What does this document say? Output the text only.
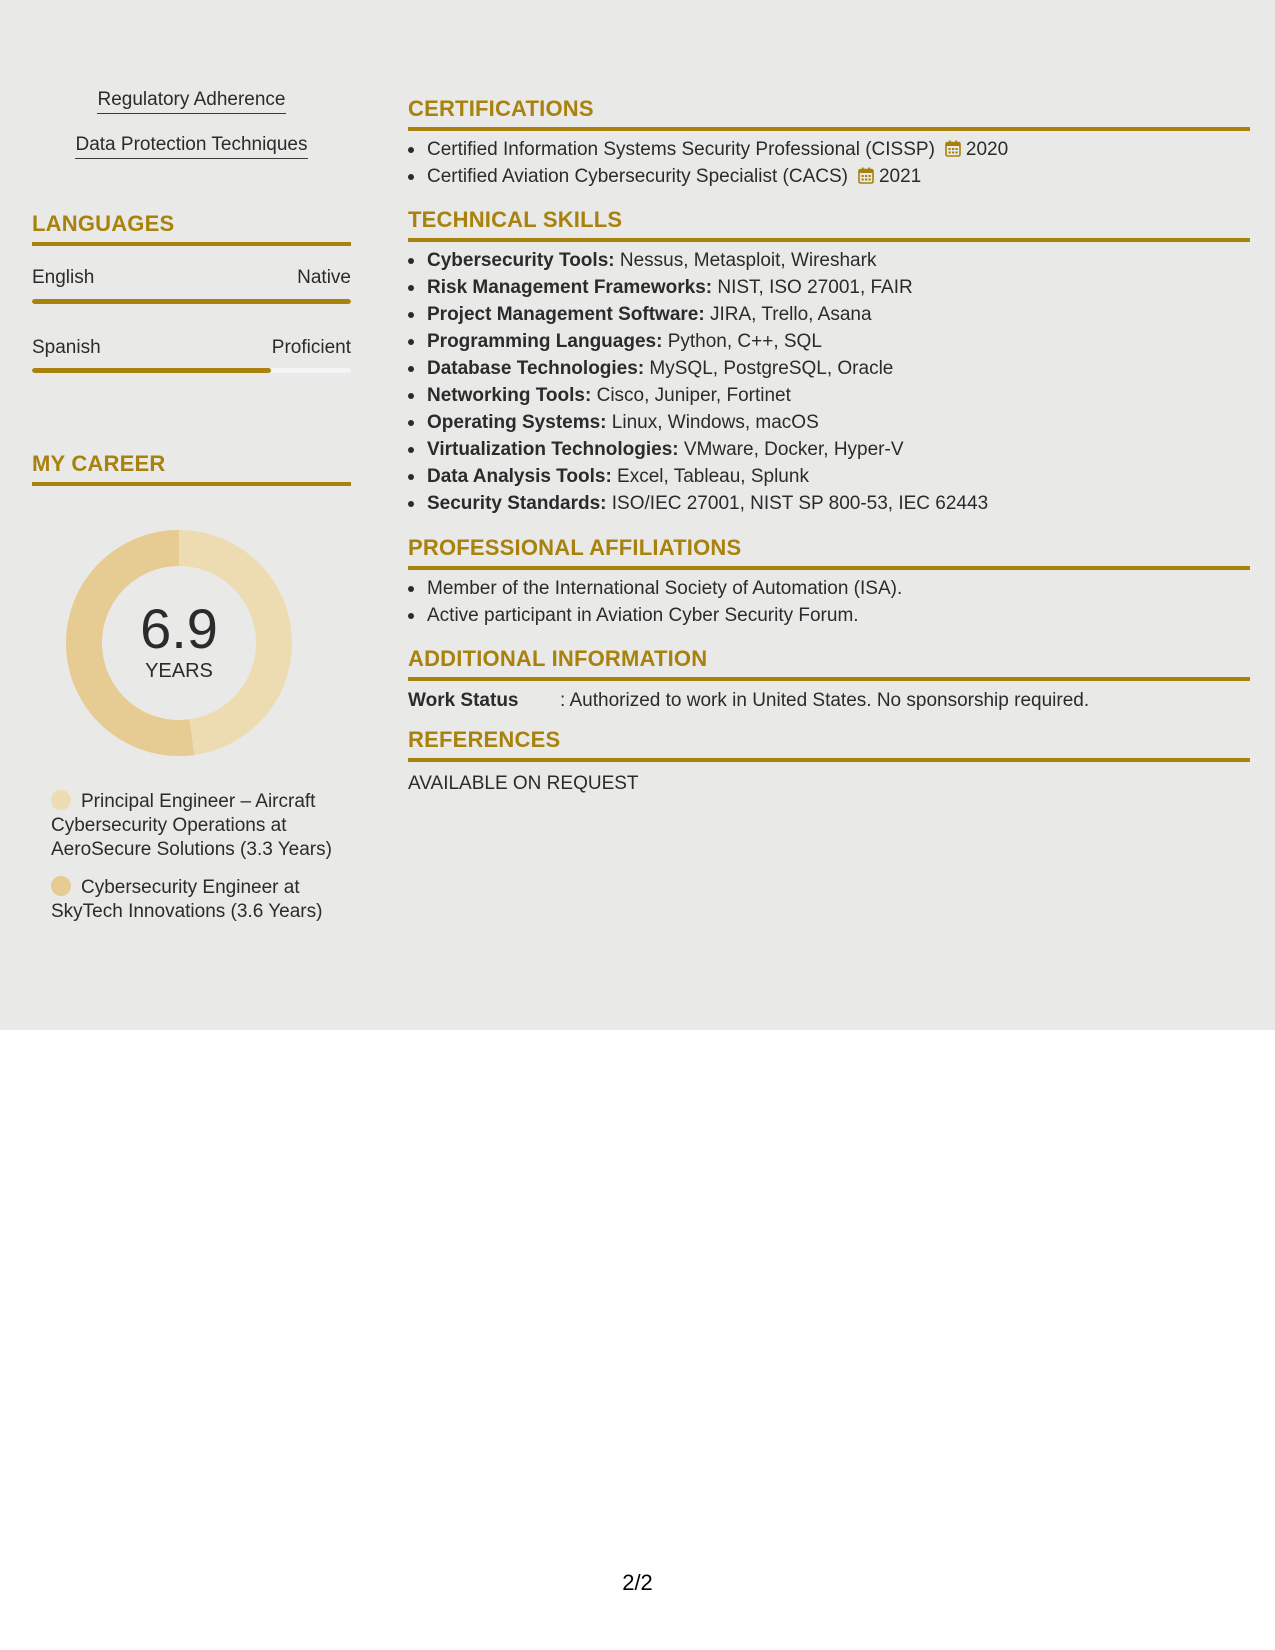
Regulatory Adherence
Data Protection Techniques
LANGUAGES
English	Native
Spanish	Proficient
MY CAREER
6.9
YEARS
Principal Engineer – Aircraft Cybersecurity Operations at AeroSecure Solutions (3.3 Years)
Cybersecurity Engineer at SkyTech Innovations (3.6 Years)
CERTIFICATIONS
Certified Information Systems Security Professional (CISSP) 2020
Certified Aviation Cybersecurity Specialist (CACS) 2021
TECHNICAL SKILLS
Cybersecurity Tools: Nessus, Metasploit, Wireshark
Risk Management Frameworks: NIST, ISO 27001, FAIR
Project Management Software: JIRA, Trello, Asana
Programming Languages: Python, C++, SQL
Database Technologies: MySQL, PostgreSQL, Oracle
Networking Tools: Cisco, Juniper, Fortinet
Operating Systems: Linux, Windows, macOS
Virtualization Technologies: VMware, Docker, Hyper-V
Data Analysis Tools: Excel, Tableau, Splunk
Security Standards: ISO/IEC 27001, NIST SP 800-53, IEC 62443
PROFESSIONAL AFFILIATIONS
Member of the International Society of Automation (ISA).
Active participant in Aviation Cyber Security Forum.
ADDITIONAL INFORMATION
Work Status	: Authorized to work in United States. No sponsorship required.
REFERENCES
AVAILABLE ON REQUEST
2/2
